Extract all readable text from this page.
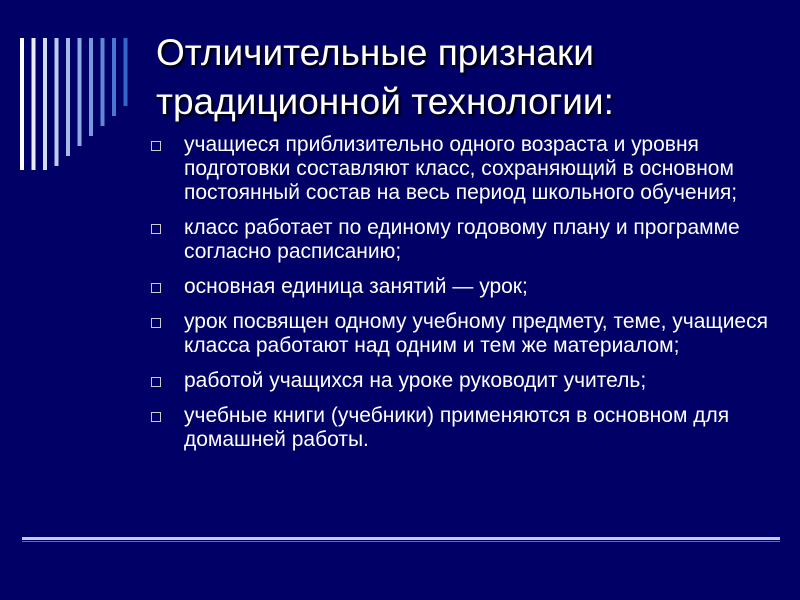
Отличительные признаки
традиционной технологии:
учащиеся приблизительно одного возраста и уровня подготовки составляют класс, сохраняющий в основном постоянный состав на весь период школьного обучения;
класс работает по единому годовому плану и программе согласно расписанию;
основная единица занятий — урок;
урок посвящен одному учебному предмету, теме, учащиеся класса работают над одним и тем же материалом;
работой учащихся на уроке руководит учитель;
учебные книги (учебники) применяются в основном для домашней работы.
